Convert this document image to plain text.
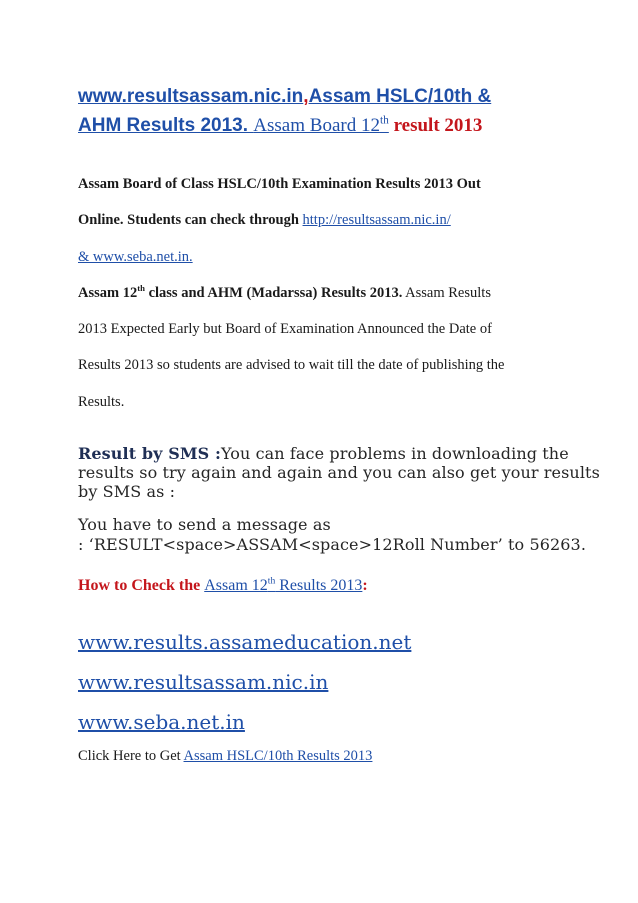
www.resultsassam.nic.in,Assam HSLC/10th &
AHM Results 2013. Assam Board 12th result 2013
Assam Board of Class HSLC/10th Examination Results 2013 Out
Online. Students can check through http://resultsassam.nic.in/
& www.seba.net.in.
Assam 12th class and AHM (Madarssa) Results 2013. Assam Results
2013 Expected Early but Board of Examination Announced the Date of
Results 2013 so students are advised to wait till the date of publishing the
Results.
Result by SMS :You can face problems in downloading the
results so try again and again and you can also get your results
by SMS as :
You have to send a message as
: ‘RESULT<space>ASSAM<space>12Roll Number’ to 56263.
How to Check the Assam 12th Results 2013:
www.results.assameducation.net
www.resultsassam.nic.in
www.seba.net.in
Click Here to Get Assam HSLC/10th Results 2013
